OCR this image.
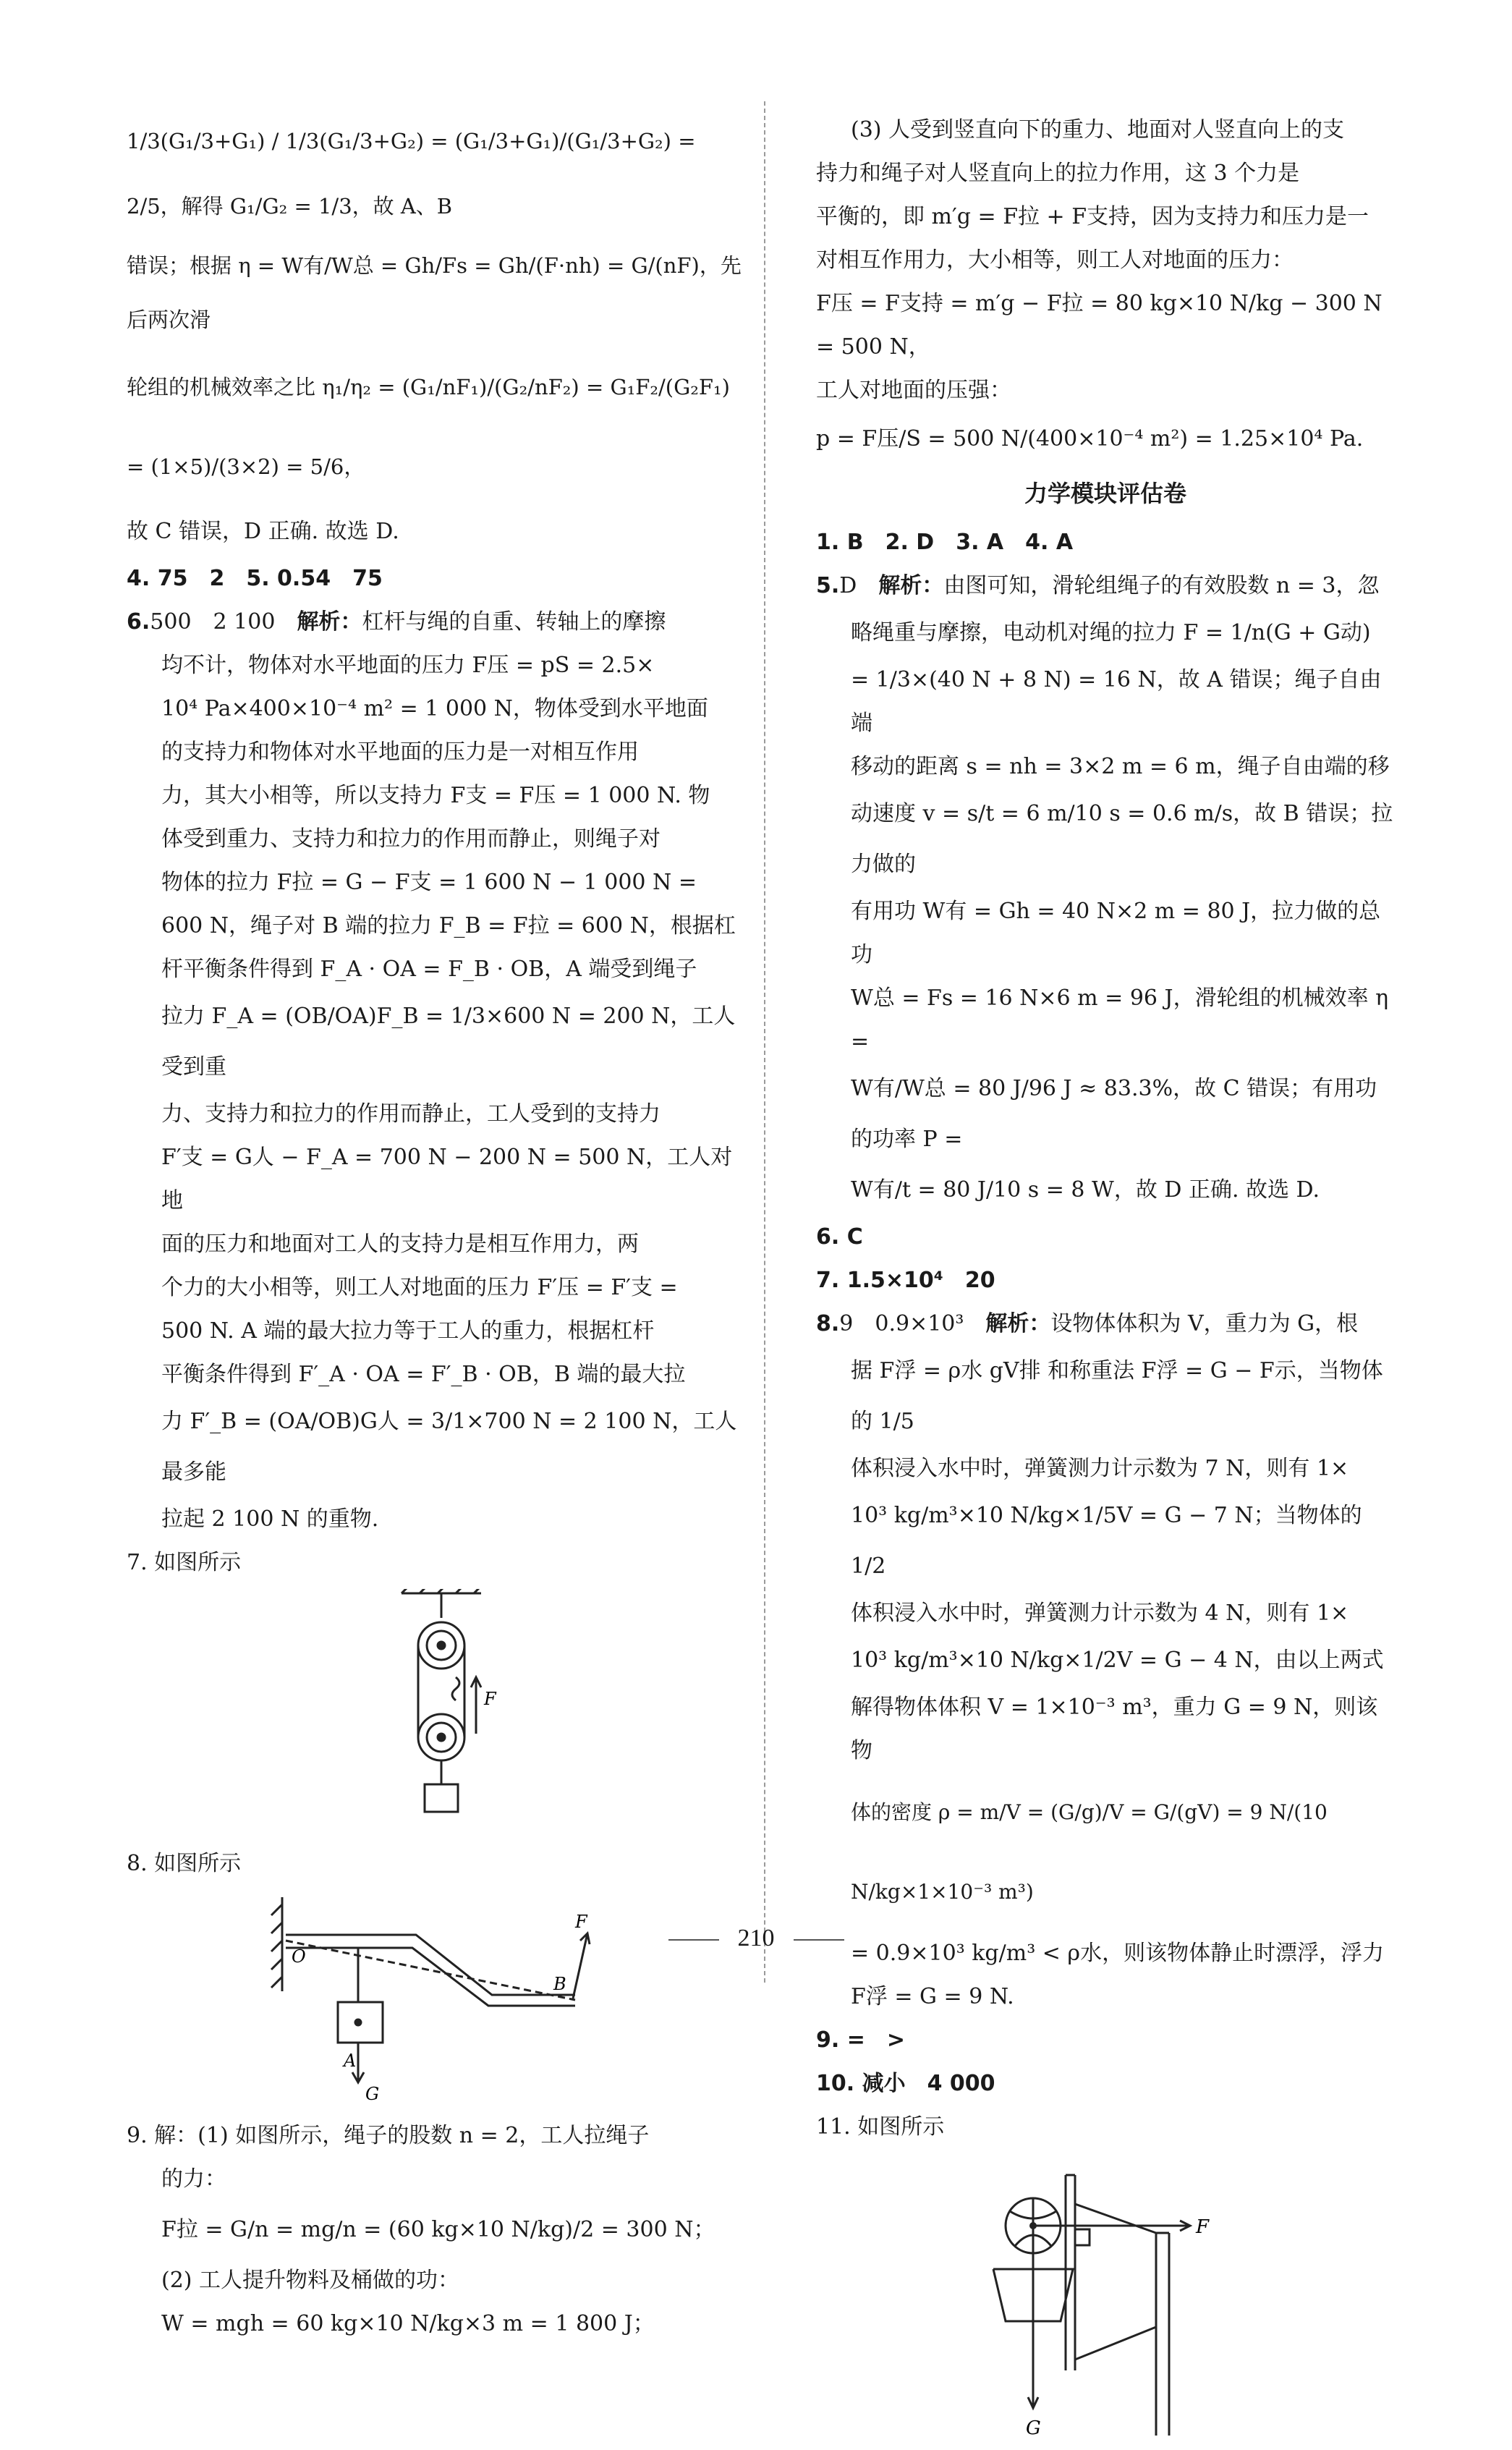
1/3(G₁/3+G₁) / 1/3(G₁/3+G₂) = (G₁/3+G₁)/(G₁/3+G₂) = 2/5，解得 G₁/G₂ = 1/3，故 A、B

错误；根据 η = W有/W总 = Gh/Fs = Gh/(F·nh) = G/(nF)，先后两次滑

轮组的机械效率之比 η₁/η₂ = (G₁/nF₁)/(G₂/nF₂) = G₁F₂/(G₂F₁) = (1×5)/(3×2) = 5/6，

故 C 错误，D 正确. 故选 D.

4. 75　2　5. 0.54　75

6.500　2 100　 解析：杠杆与绳的自重、转轴上的摩擦

均不计，物体对水平地面的压力 F压 = pS = 2.5×

10⁴ Pa×400×10⁻⁴ m² = 1 000 N，物体受到水平地面

的支持力和物体对水平地面的压力是一对相互作用

力，其大小相等，所以支持力 F支 = F压 = 1 000 N. 物

体受到重力、支持力和拉力的作用而静止，则绳子对

物体的拉力 F拉 = G − F支 = 1 600 N − 1 000 N =

600 N，绳子对 B 端的拉力 F_B = F拉 = 600 N，根据杠

杆平衡条件得到 F_A · OA = F_B · OB，A 端受到绳子

拉力 F_A = (OB/OA)F_B = 1/3×600 N = 200 N，工人受到重

力、支持力和拉力的作用而静止，工人受到的支持力

F′支 = G人 − F_A = 700 N − 200 N = 500 N，工人对地

面的压力和地面对工人的支持力是相互作用力，两

个力的大小相等，则工人对地面的压力 F′压 = F′支 =

500 N. A 端的最大拉力等于工人的重力，根据杠杆

平衡条件得到 F′_A · OA = F′_B · OB，B 端的最大拉

力 F′_B = (OA/OB)G人 = 3/1×700 N = 2 100 N，工人最多能

拉起 2 100 N 的重物.

7. 如图所示

F

8. 如图所示

O
B
F
A
G

9. 解：(1) 如图所示，绳子的股数 n = 2，工人拉绳子

的力：

F拉 = G/n = mg/n = (60 kg×10 N/kg)/2 = 300 N；

(2) 工人提升物料及桶做的功：

W = mgh = 60 kg×10 N/kg×3 m = 1 800 J；

(3) 人受到竖直向下的重力、地面对人竖直向上的支

持力和绳子对人竖直向上的拉力作用，这 3 个力是

平衡的，即 m′g = F拉 + F支持，因为支持力和压力是一

对相互作用力，大小相等，则工人对地面的压力：

F压 = F支持 = m′g − F拉 = 80 kg×10 N/kg − 300 N

= 500 N，

工人对地面的压强：

p = F压/S = 500 N/(400×10⁻⁴ m²) = 1.25×10⁴ Pa.

力学模块评估卷

1. B　2. D　3. A　4. A

5.D　 解析：由图可知，滑轮组绳子的有效股数 n = 3，忽

略绳重与摩擦，电动机对绳的拉力 F = 1/n(G + G动)

= 1/3×(40 N + 8 N) = 16 N，故 A 错误；绳子自由端

移动的距离 s = nh = 3×2 m = 6 m，绳子自由端的移

动速度 v = s/t = 6 m/10 s = 0.6 m/s，故 B 错误；拉力做的

有用功 W有 = Gh = 40 N×2 m = 80 J，拉力做的总功

W总 = Fs = 16 N×6 m = 96 J，滑轮组的机械效率 η =

W有/W总 = 80 J/96 J ≈ 83.3%，故 C 错误；有用功的功率 P =

W有/t = 80 J/10 s = 8 W，故 D 正确. 故选 D.

6. C

7. 1.5×10⁴　20

8.9　0.9×10³　 解析：设物体体积为 V，重力为 G，根

据 F浮 = ρ水 gV排 和称重法 F浮 = G − F示，当物体的 1/5

体积浸入水中时，弹簧测力计示数为 7 N，则有 1×

10³ kg/m³×10 N/kg×1/5V = G − 7 N；当物体的 1/2

体积浸入水中时，弹簧测力计示数为 4 N，则有 1×

10³ kg/m³×10 N/kg×1/2V = G − 4 N，由以上两式

解得物体体积 V = 1×10⁻³ m³，重力 G = 9 N，则该物

体的密度 ρ = m/V = (G/g)/V = G/(gV) = 9 N/(10 N/kg×1×10⁻³ m³)

= 0.9×10³ kg/m³ < ρ水，则该物体静止时漂浮，浮力

F浮 = G = 9 N.

9. =　>

10. 减小　4 000

11. 如图所示

F
G
210
